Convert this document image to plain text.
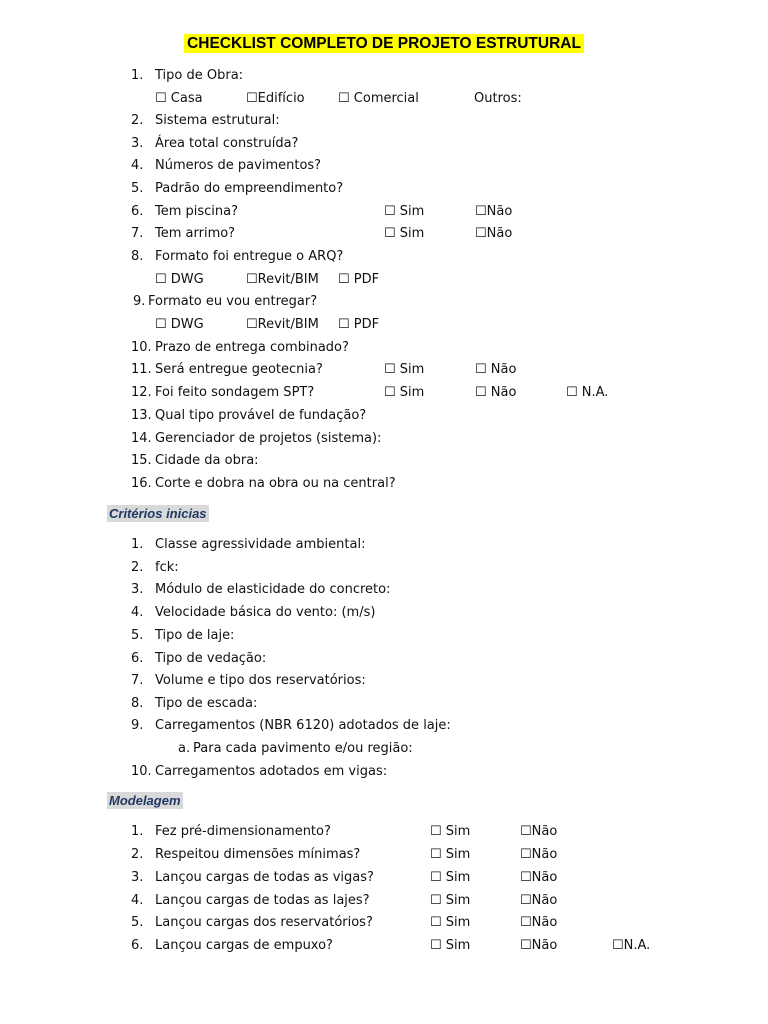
CHECKLIST COMPLETO DE PROJETO ESTRUTURAL
1. Tipo de Obra:
☐ Casa	☐Edifício	☐ Comercial	Outros:
2. Sistema estrutural:
3. Área total construída?
4. Números de pavimentos?
5. Padrão do empreendimento?
6. Tem piscina?	☐ Sim	☐Não
7. Tem arrimo?	☐ Sim	☐Não
8. Formato foi entregue o ARQ?
☐ DWG	☐Revit/BIM ☐ PDF
9. Formato eu vou entregar?
☐ DWG	☐Revit/BIM ☐ PDF
10. Prazo de entrega combinado?
11. Será entregue geotecnia?	☐ Sim	☐ Não
12. Foi feito sondagem SPT?	☐ Sim	☐ Não	☐ N.A.
13. Qual tipo provável de fundação?
14. Gerenciador de projetos (sistema):
15. Cidade da obra:
16. Corte e dobra na obra ou na central?
Critérios inicias
1. Classe agressividade ambiental:
2. fck:
3. Módulo de elasticidade do concreto:
4. Velocidade básica do vento: (m/s)
5. Tipo de laje:
6. Tipo de vedação:
7. Volume e tipo dos reservatórios:
8. Tipo de escada:
9. Carregamentos (NBR 6120) adotados de laje:
a. Para cada pavimento e/ou região:
10. Carregamentos adotados em vigas:
Modelagem
1. Fez pré-dimensionamento?	☐ Sim	☐Não
2. Respeitou dimensões mínimas?	☐ Sim	☐Não
3. Lançou cargas de todas as vigas?	☐ Sim	☐Não
4. Lançou cargas de todas as lajes?	☐ Sim	☐Não
5. Lançou cargas dos reservatórios?	☐ Sim	☐Não
6. Lançou cargas de empuxo?	☐ Sim	☐Não	☐N.A.
